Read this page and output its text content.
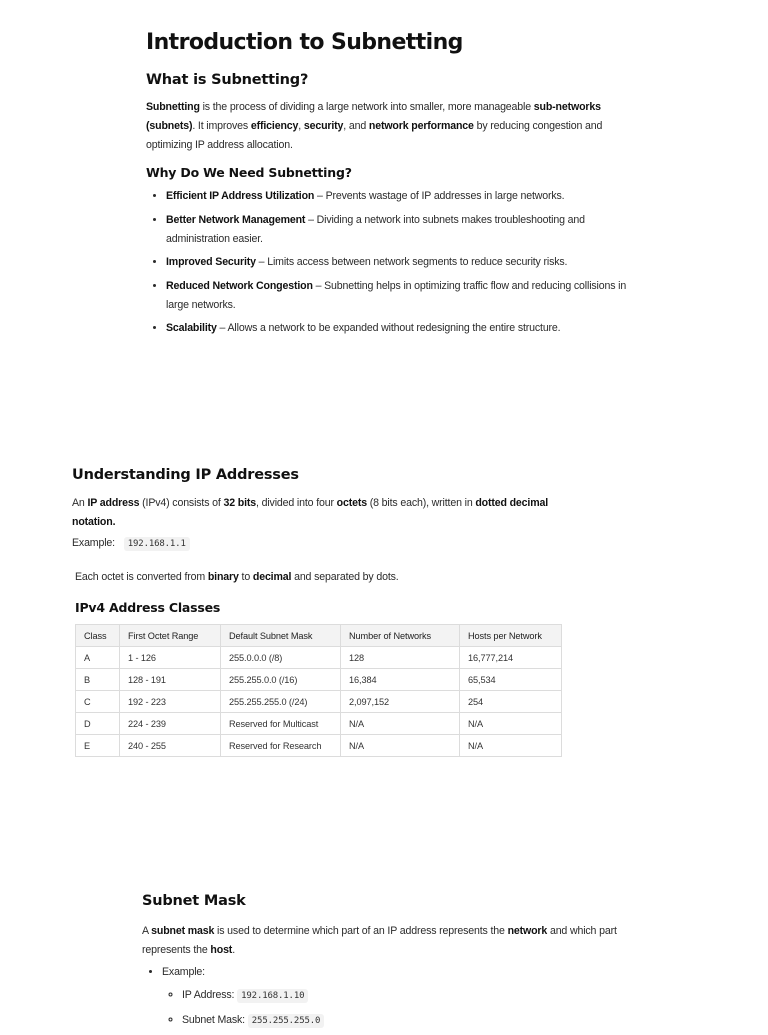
Introduction to Subnetting
What is Subnetting?

Subnetting is the process of dividing a large network into smaller, more manageable sub-networks (subnets). It improves efficiency, security, and network performance by reducing congestion and optimizing IP address allocation.

Why Do We Need Subnetting?
• Efficient IP Address Utilization – Prevents wastage of IP addresses in large networks.
• Better Network Management – Dividing a network into subnets makes troubleshooting and administration easier.
• Improved Security – Limits access between network segments to reduce security risks.
• Reduced Network Congestion – Subnetting helps in optimizing traffic flow and reducing collisions in large networks.
• Scalability – Allows a network to be expanded without redesigning the entire structure.
Understanding IP Addresses

An IP address (IPv4) consists of 32 bits, divided into four octets (8 bits each), written in dotted decimal notation.

Example: 192.168.1.1

Each octet is converted from binary to decimal and separated by dots.

IPv4 Address Classes
Class	First Octet Range	Default Subnet Mask	Number of Networks	Hosts per Network
A	1 - 126	255.0.0.0 (/8)	128	16,777,214
B	128 - 191	255.255.0.0 (/16)	16,384	65,534
C	192 - 223	255.255.255.0 (/24)	2,097,152	254
D	224 - 239	Reserved for Multicast	N/A	N/A
E	240 - 255	Reserved for Research	N/A	N/A
Subnet Mask

A subnet mask is used to determine which part of an IP address represents the network and which part represents the host.

• Example:
◦ IP Address: 192.168.1.10
◦ Subnet Mask: 255.255.255.0
